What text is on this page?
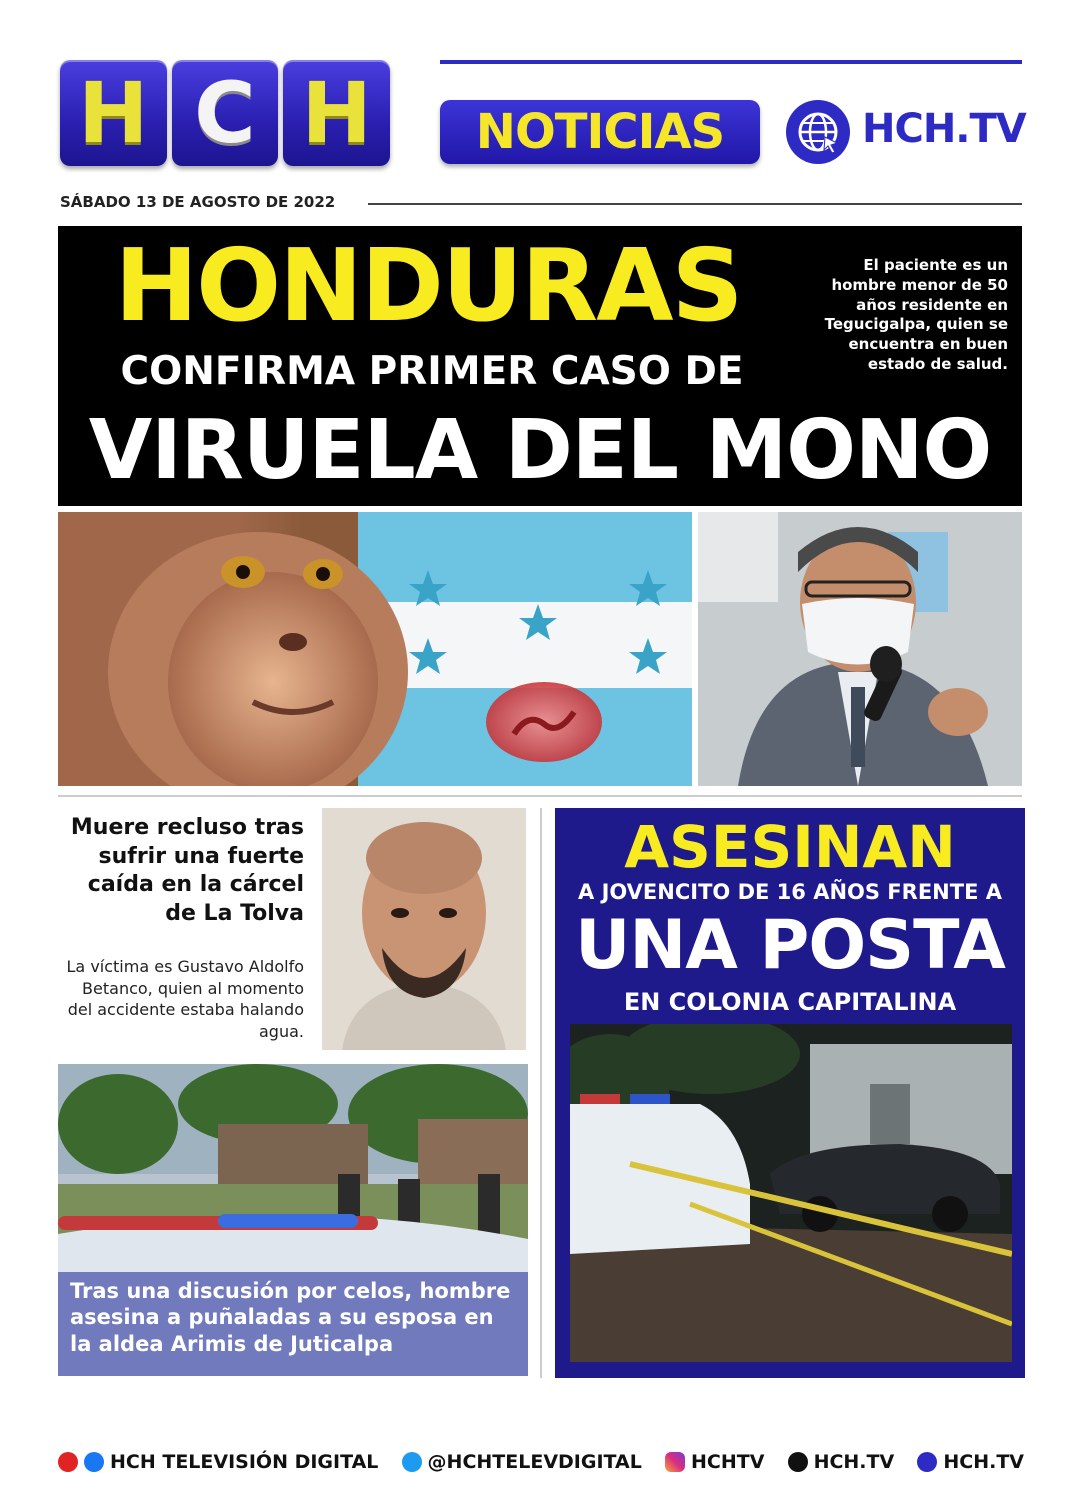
H C H	NOTICIAS	HCH.TV
SÁBADO 13 DE AGOSTO DE 2022
HONDURAS
CONFIRMA PRIMER CASO DE
VIRUELA DEL MONO
El paciente es un hombre menor de 50 años residente en Tegucigalpa, quien se encuentra en buen estado de salud.
Muere recluso tras sufrir una fuerte caída en la cárcel de La Tolva
La víctima es Gustavo Aldolfo Betanco, quien al momento del accidente estaba halando agua.
Tras una discusión por celos, hombre asesina a puñaladas a su esposa en la aldea Arimis de Juticalpa
ASESINAN
A JOVENCITO DE 16 AÑOS FRENTE A
UNA POSTA
EN COLONIA CAPITALINA
HCH TELEVISIÓN DIGITAL	@HCHTELEVDIGITAL	HCHTV	HCH.TV	HCH.TV
